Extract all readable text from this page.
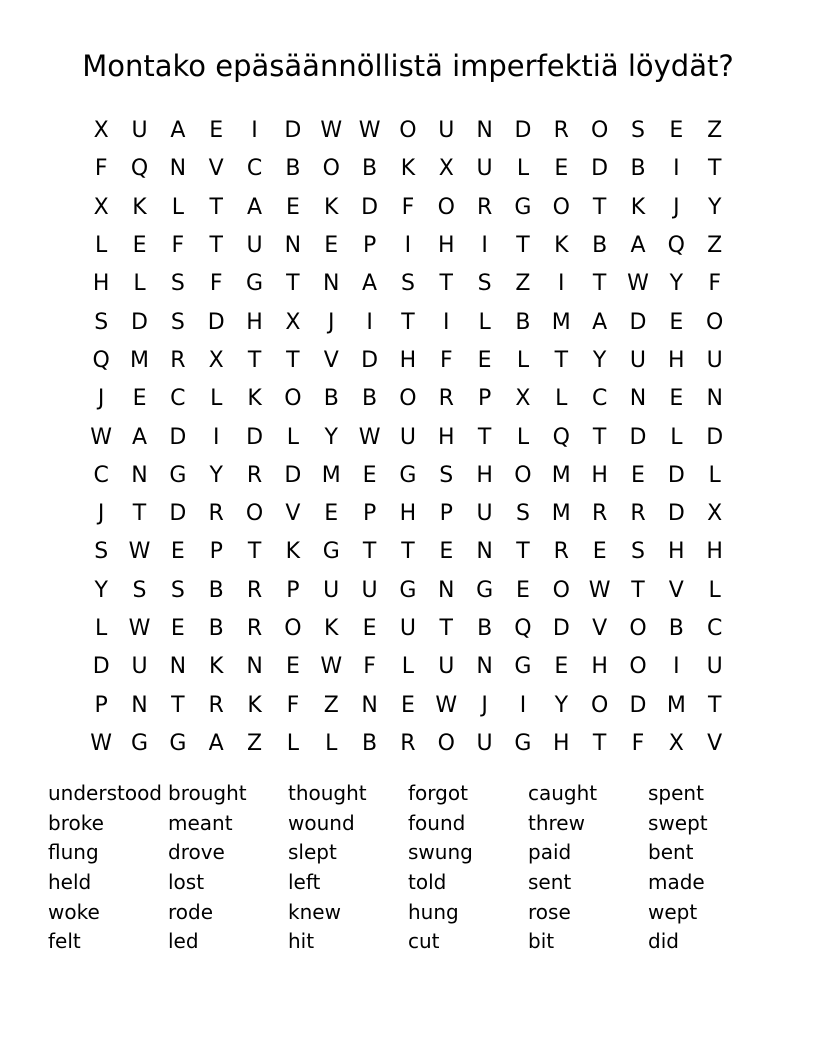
Montako epäsäännöllistä imperfektiä löydät?
X	U	A	E	I	D W W O U	N D	R	O	S	E	Z
F	Q N	V	C	B	O	B	K	X	U	L	E	D	B	I	T
X	K	L	T	A	E	K	D	F	O	R	G O	T	K	J	Y
L	E	F	T	U	N	E	P	I	H	I	T	K	B	A	Q	Z
H	L	S	F	G	T	N	A	S	T	S	Z	I	T W Y	F
S	D	S	D H	X	J	I	T	I	L	B M A	D	E	O
Q M R	X	T	T	V	D H	F	E	L	T	Y	U	H	U
J	E	C	L	K	O	B	B	O	R	P	X	L	C	N	E	N
W A	D	I	D	L	Y W U	H	T	L	Q	T	D	L	D
C	N G	Y	R	D M E	G	S	H O M H	E	D	L
J	T	D	R	O	V	E	P	H	P	U	S M R	R	D	X
S W E	P	T	K	G	T	T	E	N	T	R	E	S	H H
Y	S	S	B	R	P	U	U G N G	E	O W T	V	L
L W E	B	R	O	K	E	U	T	B	Q D	V	O	B	C
D U	N	K	N	E W F	L	U	N G	E	H O	I	U
P	N	T	R	K	F	Z	N	E W	J	I	Y	O D M	T
W G G	A	Z	L	L	B	R	O U G H	T	F	X	V
understood brought	thought	forgot	caught	spent
broke	meant	wound	found	threw	swept
flung	drove	slept	swung	paid	bent
held	lost	left	told	sent	made
woke	rode	knew	hung	rose	wept
felt	led	hit	cut	bit	did
